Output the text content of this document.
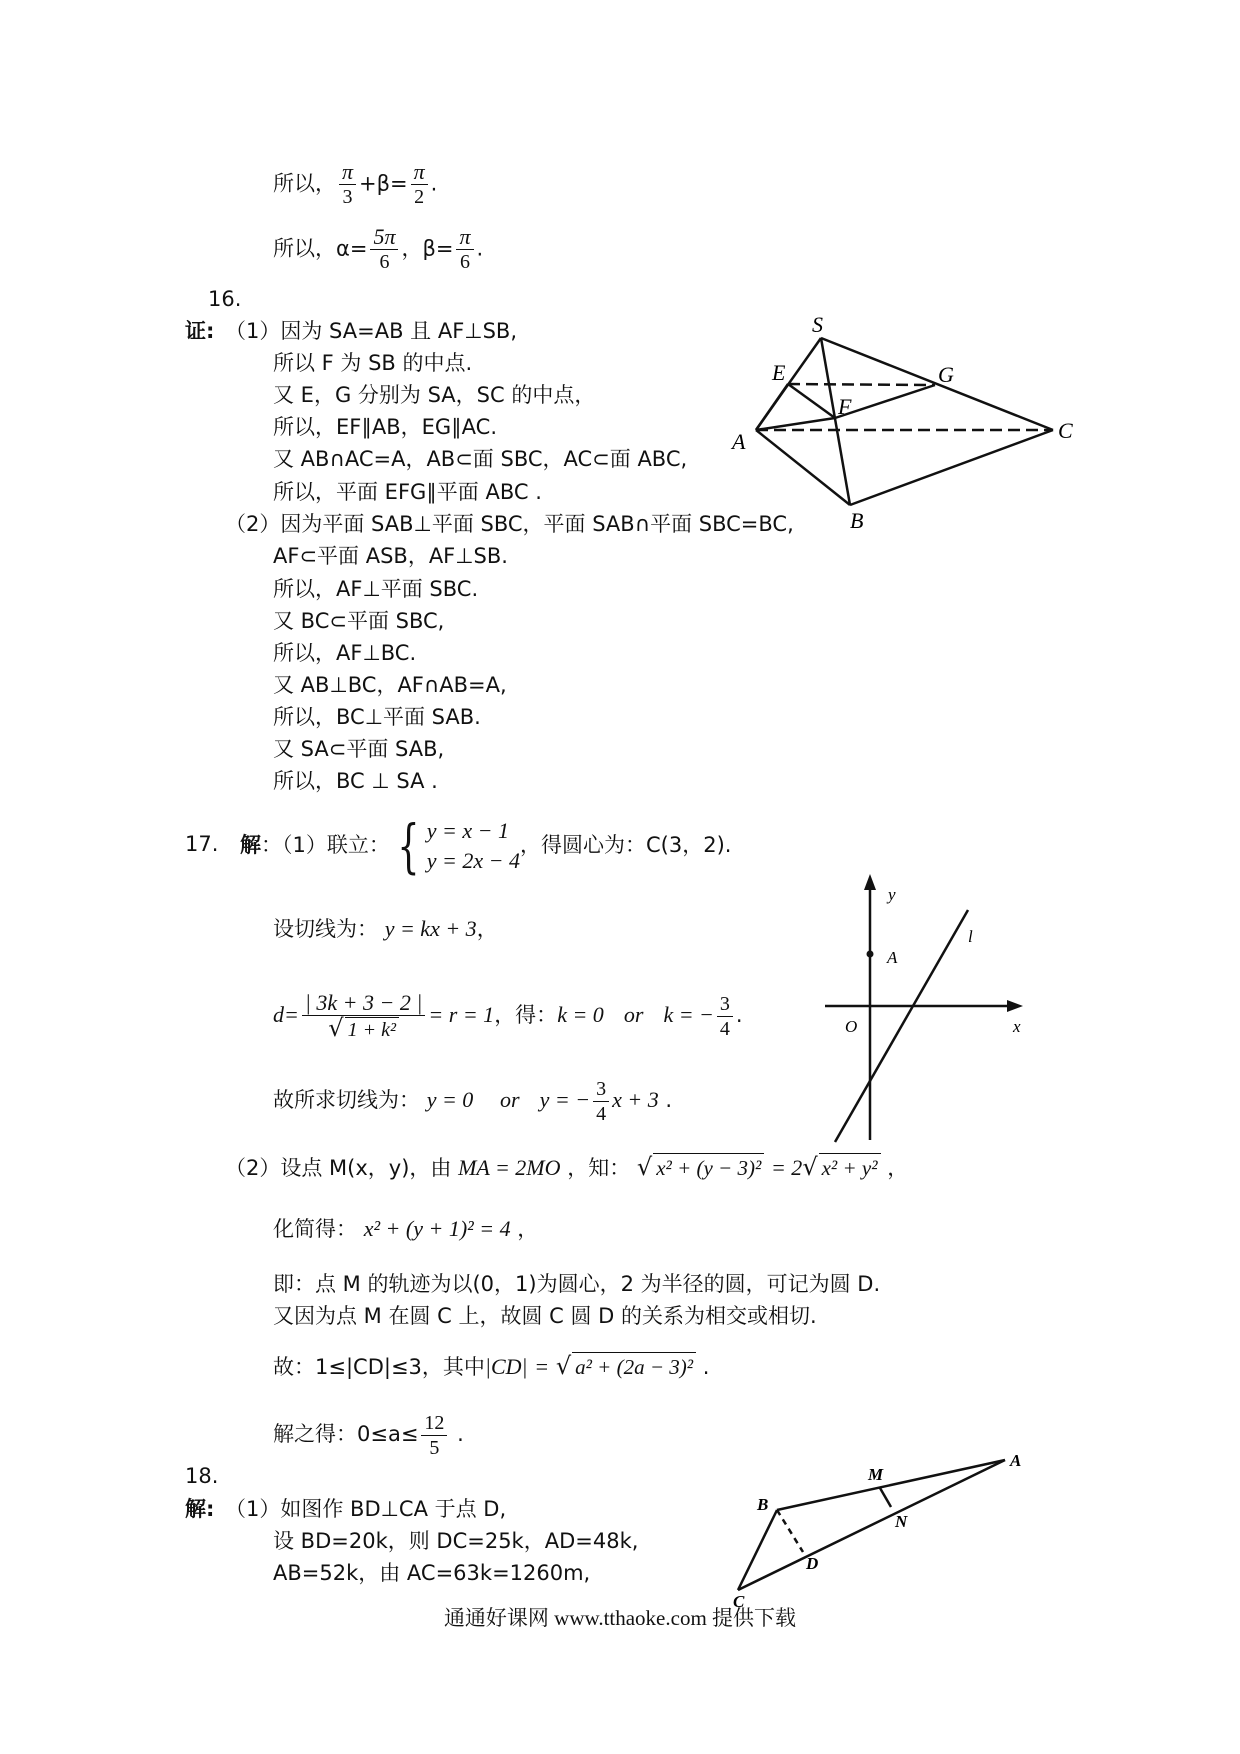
所以， $\frac{\pi}{3} +\beta= \frac{\pi}{2}$ .
所以，$\alpha= \frac{5\pi}{6}$ ，$\beta= \frac{\pi}{6}$ .
16.
证: （1）因为 SA=AB 且 AF⊥SB,
所以 F 为 SB 的中点.
又 E，G 分别为 SA，SC 的中点，
所以，EF∥AB，EG∥AC.
又 AB∩AC=A，AB⊂面 SBC，AC⊂面 ABC,
所以，平面 EFG∥平面 ABC .
（2）因为平面 SAB⊥平面 SBC，平面 SAB∩平面 SBC=BC,
AF⊂平面 ASB，AF⊥SB.
所以，AF⊥平面 SBC.
又 BC⊂平面 SBC,
所以，AF⊥BC.
又 AB⊥BC，AF∩AB=A,
所以，BC⊥平面 SAB.
又 SA⊂平面 SAB,
所以，BC ⊥ SA .
S
E	G
F
A
B
C
17. 解：（1）联立： { y = x − 1
y = 2x − 4
，得圆心为：C(3，2).
设切线为： y = kx + 3，
$d= \frac{| 3k + 3 - 2 |}{\text{√ 1 + k²}} = r = 1$，得：k = 0 or k = − $\frac{3}{4}$ .
故所求切线为： y = 0 or y = − $\frac{3}{4}$ x + 3 .
（2）设点 M(x，y)，由 MA = 2MO ，知： √ x² + (y − 3)² = 2√ x² + y² ，
化简得： x² + (y + 1)² = 4 ，
即：点 M 的轨迹为以(0，1)为圆心，2 为半径的圆，可记为圆 D.
又因为点 M 在圆 C 上，故圆 C 圆 D 的关系为相交或相切.
故：1≤|CD|≤3，其中|CD| = √ a² + (2a − 3)² .
解之得：$0\le a\le \frac{12}{5}$ .
y
A
l
O	x
18.
解: （1）如图作 BD⊥CA 于点 D,
设 BD=20k，则 DC=25k，AD=48k,
AB=52k，由 AC=63k=1260m,
M
A
B
N
D
C
通通好课网 www.tthaoke.com 提供下载
